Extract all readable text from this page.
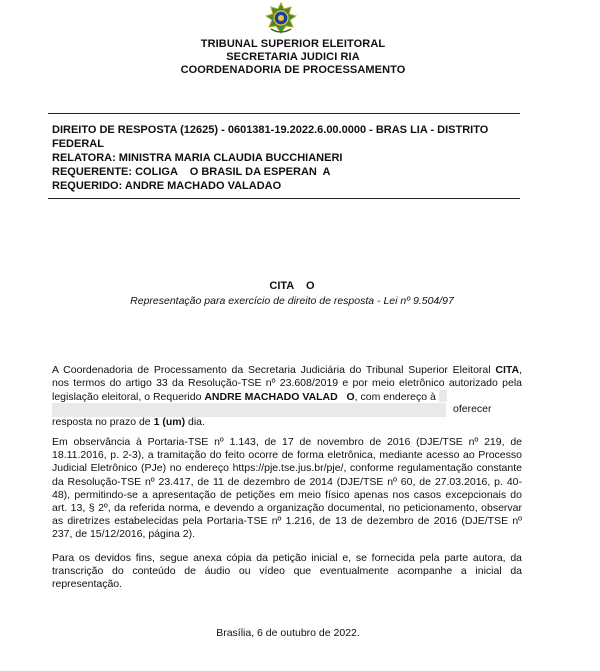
TRIBUNAL SUPERIOR ELEITORAL
SECRETARIA JUDICI RIA
COORDENADORIA DE PROCESSAMENTO
DIREITO DE RESPOSTA (12625) - 0601381-19.2022.6.00.0000 - BRAS LIA - DISTRITO
FEDERAL
RELATORA: MINISTRA MARIA CLAUDIA BUCCHIANERI
REQUERENTE: COLIGA    O BRASIL DA ESPERAN  A
REQUERIDO: ANDRE MACHADO VALADAO
CITA    O
Representação para exercício de direito de resposta - Lei nº 9.504/97
A Coordenadoria de Processamento da Secretaria Judiciária do Tribunal Superior Eleitoral CITA,
nos termos do artigo 33 da Resolução-TSE nº 23.608/2019 e por meio eletrônico autorizado pela
legislação eleitoral, o Requerido ANDRE MACHADO VALAD   O, com endereço à
oferecer
resposta no prazo de 1 (um) dia.
Em observância à Portaria-TSE nº 1.143, de 17 de novembro de 2016 (DJE/TSE nº 219, de 18.11.2016, p. 2-3), a tramitação do feito ocorre de forma eletrônica, mediante acesso ao Processo Judicial Eletrônico (PJe) no endereço https://pje.tse.jus.br/pje/, conforme regulamentação constante da Resolução-TSE nº 23.417, de 11 de dezembro de 2014 (DJE/TSE nº 60, de 27.03.2016, p. 40-48), permitindo-se a apresentação de petições em meio físico apenas nos casos excepcionais do art. 13, § 2º, da referida norma, e devendo a organização documental, no peticionamento, observar as diretrizes estabelecidas pela Portaria-TSE nº 1.216, de 13 de dezembro de 2016 (DJE/TSE nº 237, de 15/12/2016, página 2).
Para os devidos fins, segue anexa cópia da petição inicial e, se fornecida pela parte autora, da transcrição do conteúdo de áudio ou vídeo que eventualmente acompanhe a inicial da representação.
Brasília, 6 de outubro de 2022.
